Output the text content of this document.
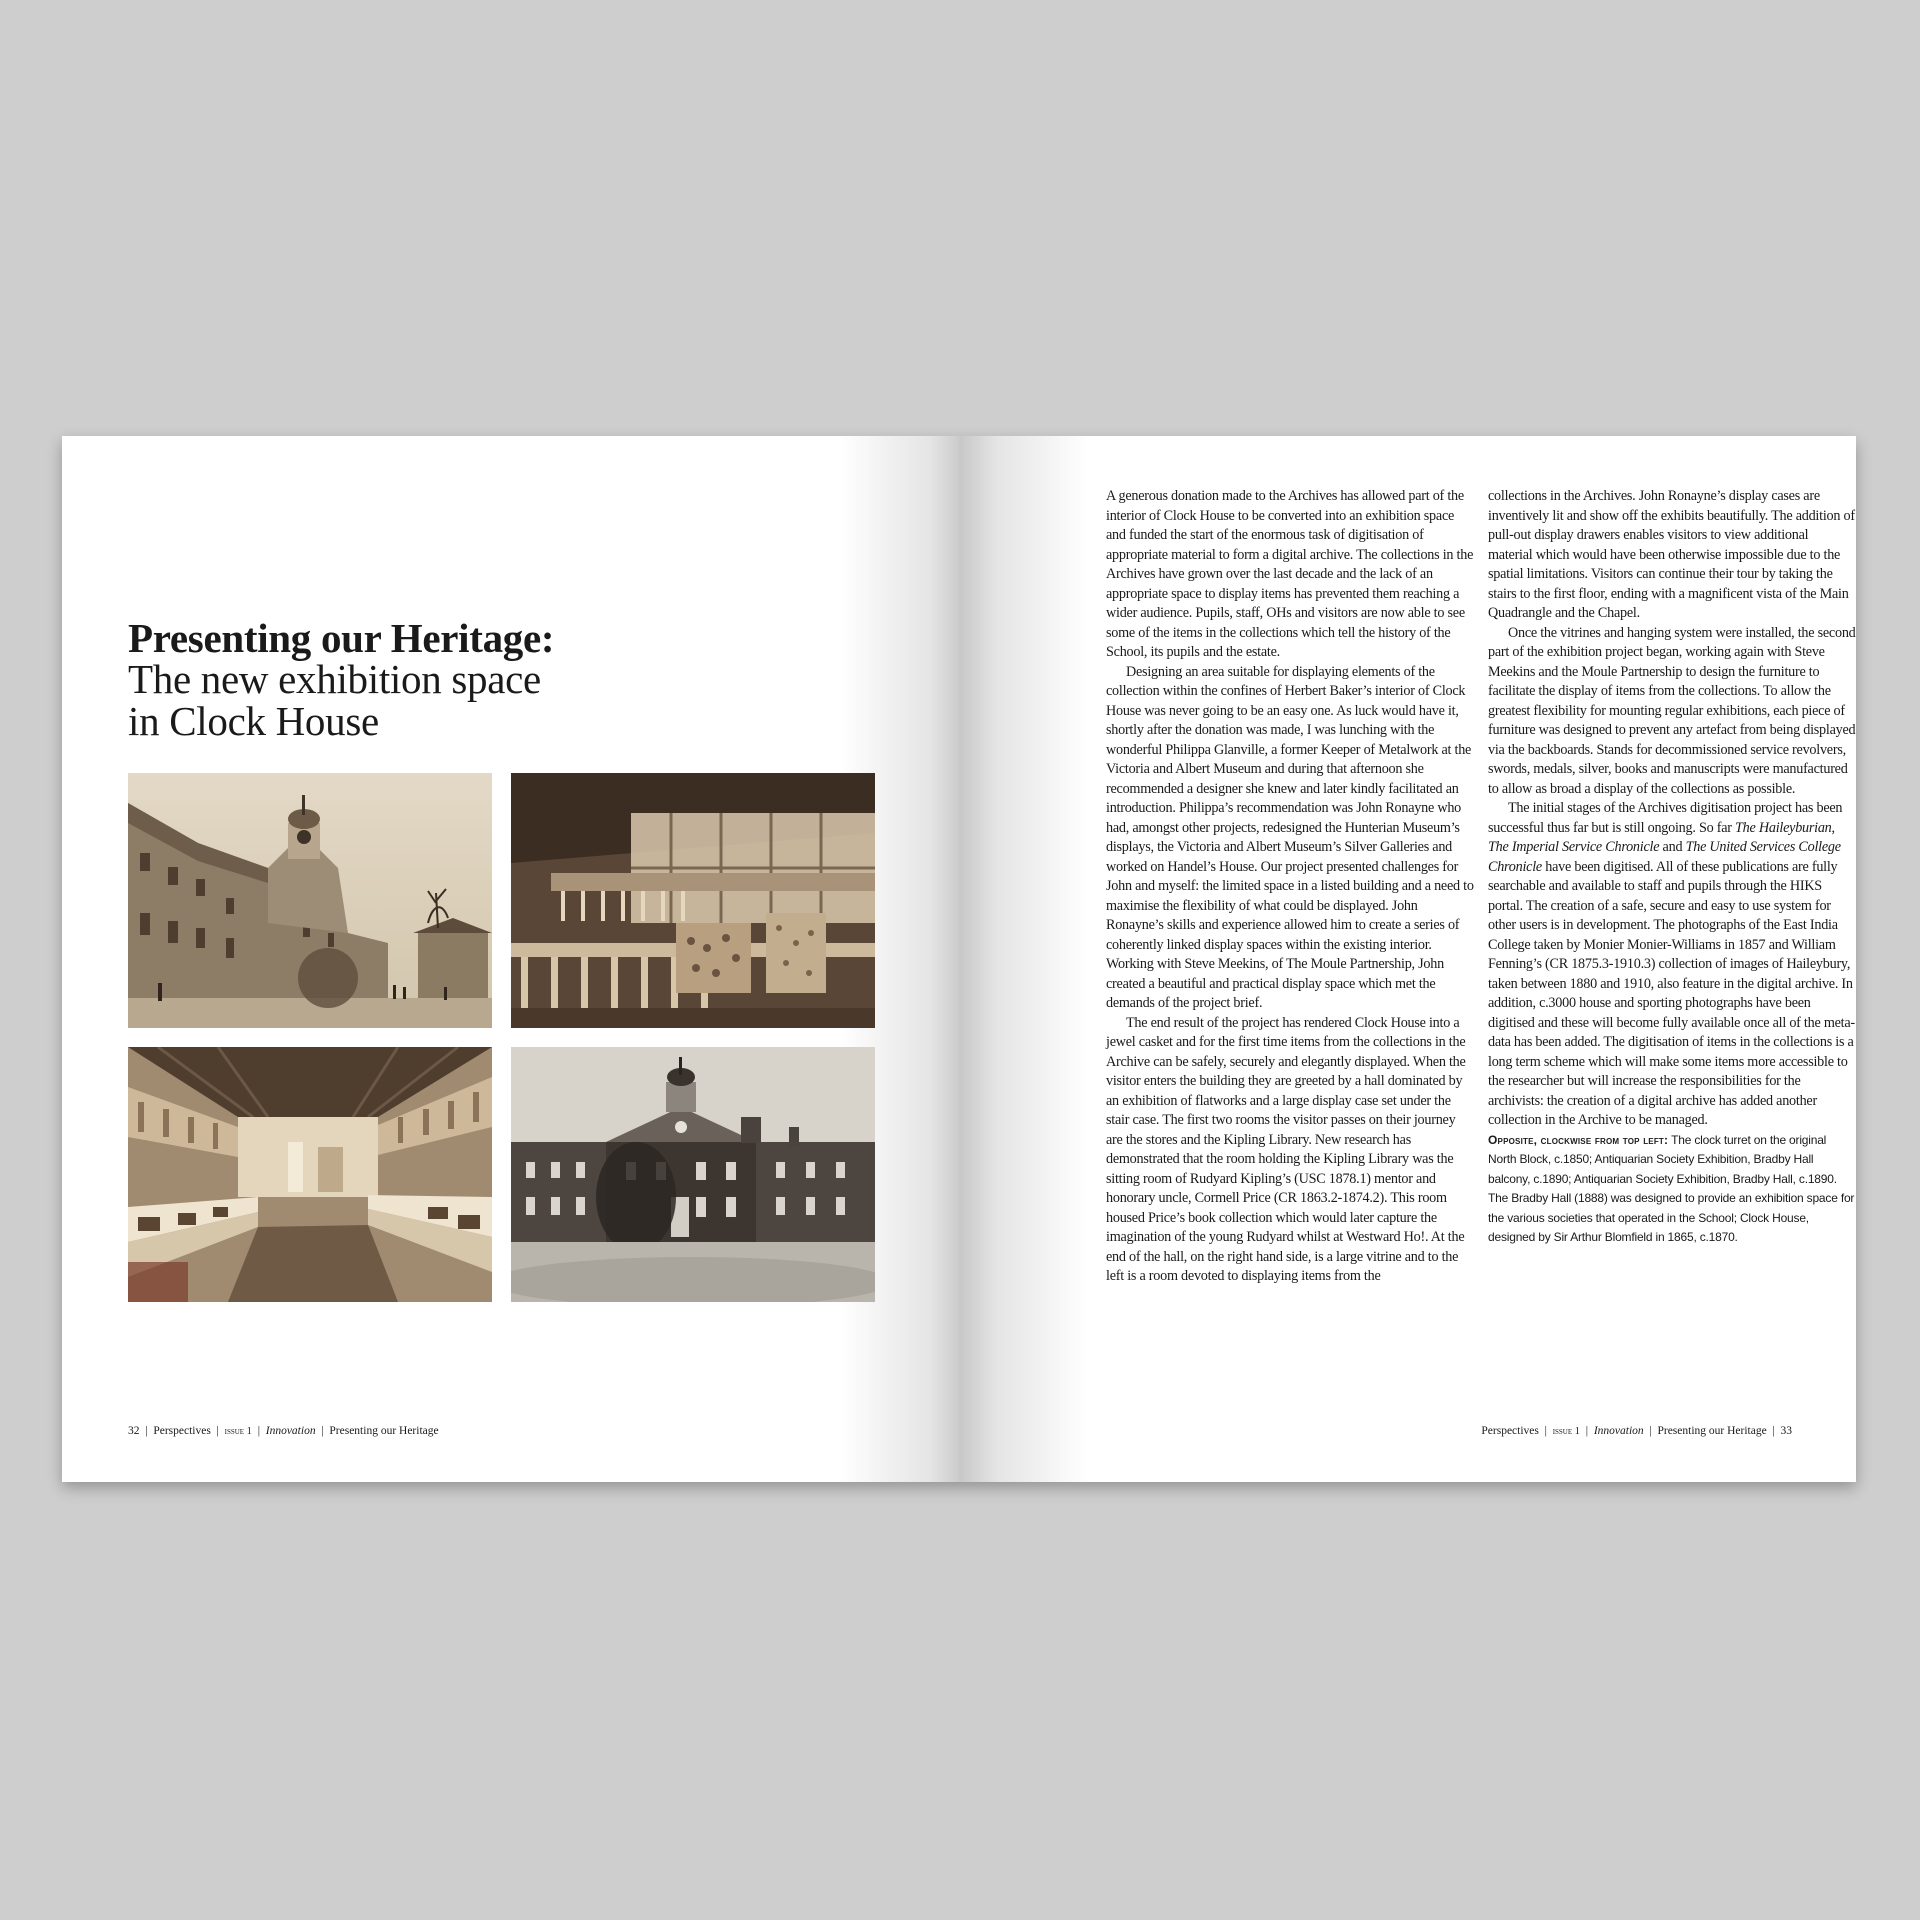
Presenting our Heritage:
The new exhibition space
in Clock House
32  |  Perspectives  |  issue 1  |  Innovation  |  Presenting our Heritage

A generous donation made to the Archives has allowed part of the interior of Clock House to be converted into an exhibition space and funded the start of the enormous task of digitisation of appropriate material to form a digital archive. The collections in the Archives have grown over the last decade and the lack of an appropriate space to display items has prevented them reaching a wider audience. Pupils, staff, OHs and visitors are now able to see some of the items in the collections which tell the history of the School, its pupils and the estate.

Designing an area suitable for displaying elements of the collection within the confines of Herbert Baker’s interior of Clock House was never going to be an easy one. As luck would have it, shortly after the donation was made, I was lunching with the wonderful Philippa Glanville, a former Keeper of Metalwork at the Victoria and Albert Museum and during that afternoon she recommended a designer she knew and later kindly facilitated an introduction. Philippa’s recommendation was John Ronayne who had, amongst other projects, redesigned the Hunterian Museum’s displays, the Victoria and Albert Museum’s Silver Galleries and worked on Handel’s House. Our project presented challenges for John and myself: the limited space in a listed building and a need to maximise the flexibility of what could be displayed. John Ronayne’s skills and experience allowed him to create a series of coherently linked display spaces within the existing interior. Working with Steve Meekins, of The Moule Partnership, John created a beautiful and practical display space which met the demands of the project brief.

The end result of the project has rendered Clock House into a jewel casket and for the first time items from the collections in the Archive can be safely, securely and elegantly displayed. When the visitor enters the building they are greeted by a hall dominated by an exhibition of flatworks and a large display case set under the stair case. The first two rooms the visitor passes on their journey are the stores and the Kipling Library. New research has demonstrated that the room holding the Kipling Library was the sitting room of Rudyard Kipling’s (USC 1878.1) mentor and honorary uncle, Cormell Price (CR 1863.2-1874.2). This room housed Price’s book collection which would later capture the imagination of the young Rudyard whilst at Westward Ho!. At the end of the hall, on the right hand side, is a large vitrine and to the left is a room devoted to displaying items from the

collections in the Archives. John Ronayne’s display cases are inventively lit and show off the exhibits beautifully. The addition of pull-out display drawers enables visitors to view additional material which would have been otherwise impossible due to the spatial limitations. Visitors can continue their tour by taking the stairs to the first floor, ending with a magnificent vista of the Main Quadrangle and the Chapel.

Once the vitrines and hanging system were installed, the second part of the exhibition project began, working again with Steve Meekins and the Moule Partnership to design the furniture to facilitate the display of items from the collections. To allow the greatest flexibility for mounting regular exhibitions, each piece of furniture was designed to prevent any artefact from being displayed via the backboards. Stands for decommissioned service revolvers, swords, medals, silver, books and manuscripts were manufactured to allow as broad a display of the collections as possible.

The initial stages of the Archives digitisation project has been successful thus far but is still ongoing. So far The Haileyburian, The Imperial Service Chronicle and The United Services College Chronicle have been digitised. All of these publications are fully searchable and available to staff and pupils through the HIKS portal. The creation of a safe, secure and easy to use system for other users is in development. The photographs of the East India College taken by Monier Monier-Williams in 1857 and William Fenning’s (CR 1875.3-1910.3) collection of images of Haileybury, taken between 1880 and 1910, also feature in the digital archive. In addition, c.3000 house and sporting photographs have been digitised and these will become fully available once all of the meta-data has been added. The digitisation of items in the collections is a long term scheme which will make some items more accessible to the researcher but will increase the responsibilities for the archivists: the creation of a digital archive has added another collection in the Archive to be managed.

Opposite, clockwise from top left: The clock turret on the original North Block, c.1850; Antiquarian Society Exhibition, Bradby Hall balcony, c.1890; Antiquarian Society Exhibition, Bradby Hall, c.1890. The Bradby Hall (1888) was designed to provide an exhibition space for the various societies that operated in the School; Clock House, designed by Sir Arthur Blomfield in 1865, c.1870.

Perspectives  |  issue 1  |  Innovation  |  Presenting our Heritage  |  33
